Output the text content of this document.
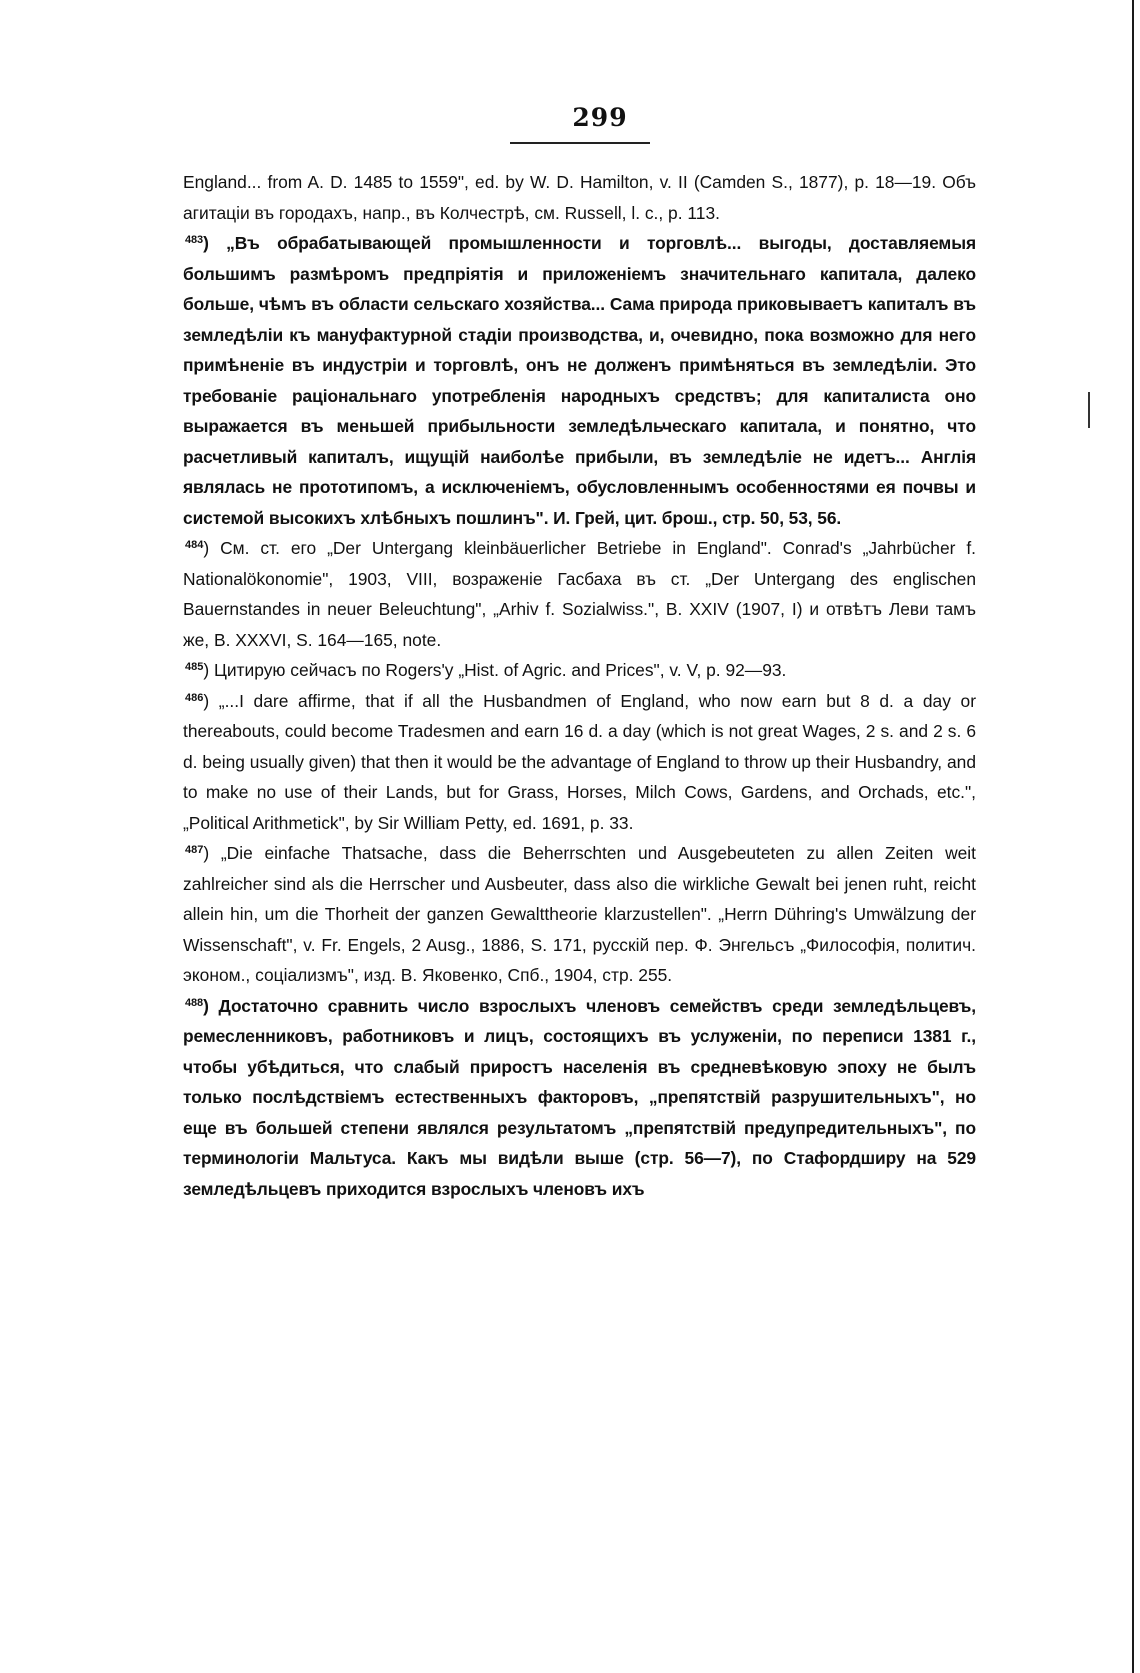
299

England... from A. D. 1485 to 1559", ed. by W. D. Hamilton, v. II (Camden S., 1877), p. 18—19. Объ агитаціи въ городахъ, напр., въ Колчестрѣ, см. Russell, l. c., p. 113.

$^{483}$) „Въ обрабатывающей промышленности и торговлѣ... выгоды, доставляемыя большимъ размѣромъ предпріятія и приложеніемъ значительнаго капитала, далеко больше, чѣмъ въ области сельскаго хозяйства... Сама природа приковываетъ капиталъ въ земледѣліи къ мануфактурной стадіи производства, и, очевидно, пока возможно для него примѣненіе въ индустріи и торговлѣ, онъ не долженъ примѣняться въ земледѣліи. Это требованіе раціональнаго употребленія народныхъ средствъ; для капиталиста оно выражается въ меньшей прибыльности земледѣльческаго капитала, и понятно, что расчетливый капиталъ, ищущій наиболѣе прибыли, въ земледѣліе не идетъ... Англія являлась не прототипомъ, а исключеніемъ, обусловленнымъ особенностями ея почвы и системой высокихъ хлѣбныхъ пошлинъ". И. Грей, цит. брош., стр. 50, 53, 56.

$^{484}$) См. ст. его „Der Untergang kleinbäuerlicher Betriebe in England". Conrad's „Jahrbücher f. Nationalökonomie", 1903, VIII, возраженіе Гасбаха въ ст. „Der Untergang des englischen Bauernstandes in neuer Beleuchtung", „Arhiv f. Sozialwiss.", B. XXIV (1907, I) и отвѣтъ Леви тамъ же, B. XXXVI, S. 164—165, note.

$^{485}$) Цитирую сейчасъ по Rogers'у „Hist. of Agric. and Prices", v. V, p. 92—93.

$^{486}$) „...I dare affirme, that if all the Husbandmen of England, who now earn but 8 d. a day or thereabouts, could become Tradesmen and earn 16 d. a day (which is not great Wages, 2 s. and 2 s. 6 d. being usually given) that then it would be the advantage of England to throw up their Husbandry, and to make no use of their Lands, but for Grass, Horses, Milch Cows, Gardens, and Orchads, etc.", „Political Arithmetick", by Sir William Petty, ed. 1691, p. 33.

$^{487}$) „Die einfache Thatsache, dass die Beherrschten und Ausgebeuteten zu allen Zeiten weit zahlreicher sind als die Herrscher und Ausbeuter, dass also die wirkliche Gewalt bei jenen ruht, reicht allein hin, um die Thorheit der ganzen Gewalttheorie klarzustellen". „Herrn Dühring's Umwälzung der Wissenschaft", v. Fr. Engels, 2 Ausg., 1886, S. 171, русскій пер. Ф. Энгельсъ „Философія, политич. эконом., соціализмъ", изд. B. Яковенко, Спб., 1904, стр. 255.

$^{488}$) Достаточно сравнить число взрослыхъ членовъ семействъ среди земледѣльцевъ, ремесленниковъ, работниковъ и лицъ, состоящихъ въ услуженіи, по переписи 1381 г., чтобы убѣдиться, что слабый приростъ населенія въ средневѣковую эпоху не былъ только послѣдствіемъ естественныхъ факторовъ, „препятствій разрушительныхъ", но еще въ большей степени являлся результатомъ „препятствій предупредительныхъ", по терминологіи Мальтуса. Какъ мы видѣли выше (стр. 56—7), по Стафордширу на 529 земледѣльцевъ приходится взрослыхъ членовъ ихъ
